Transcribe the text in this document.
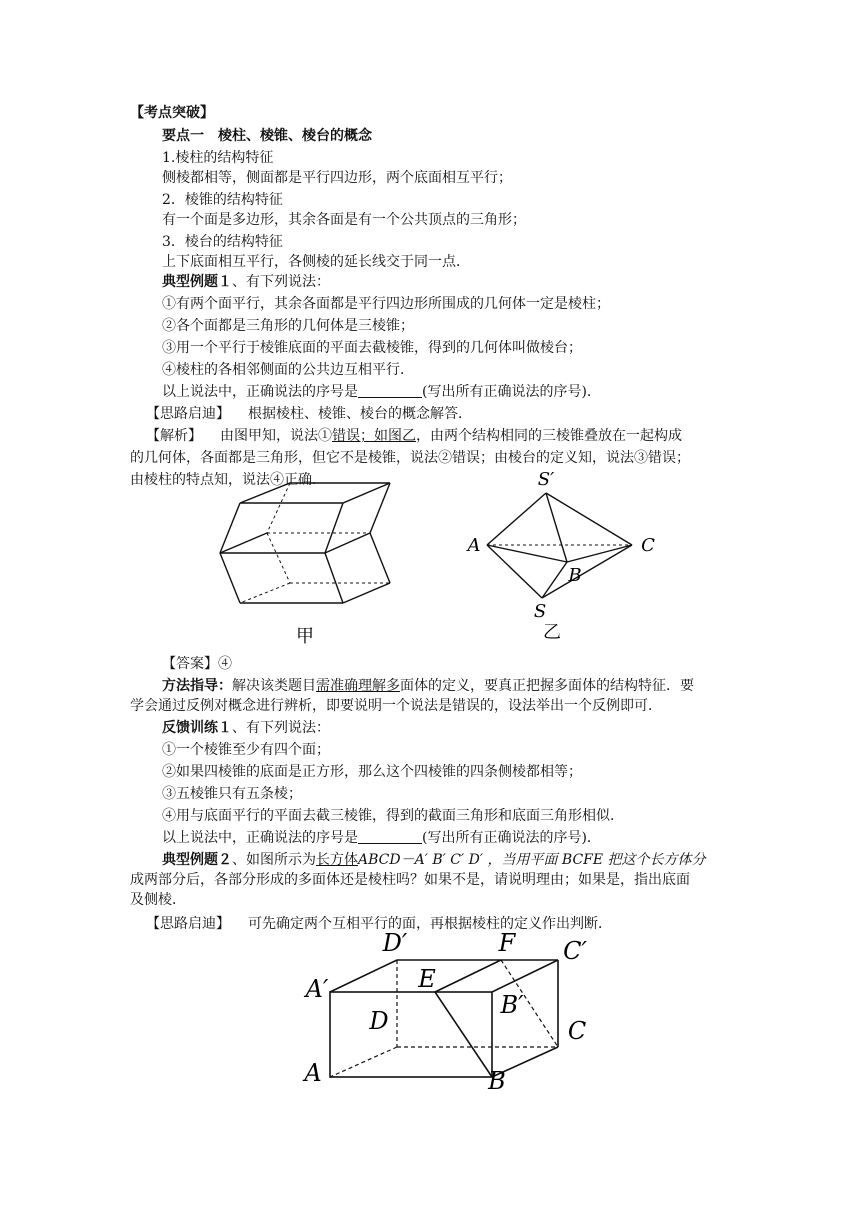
【考点突破】
要点一　棱柱、棱锥、棱台的概念
1.棱柱的结构特征
侧棱都相等，侧面都是平行四边形，两个底面相互平行；
2．棱锥的结构特征
有一个面是多边形，其余各面是有一个公共顶点的三角形；
3．棱台的结构特征
上下底面相互平行，各侧棱的延长线交于同一点．
典型例题１、有下列说法：
①有两个面平行，其余各面都是平行四边形所围成的几何体一定是棱柱；
②各个面都是三角形的几何体是三棱锥；
③用一个平行于棱锥底面的平面去截棱锥，得到的几何体叫做棱台；
④棱柱的各相邻侧面的公共边互相平行．
以上说法中，正确说法的序号是	(写出所有正确说法的序号)．
【思路启迪】 根据棱柱、棱锥、棱台的概念解答．
【解析】 由图甲知，说法①错误；如图乙，由两个结构相同的三棱锥叠放在一起构成
的几何体，各面都是三角形，但它不是棱锥，说法②错误；由棱台的定义知，说法③错误；
由棱柱的特点知，说法④正确．
甲
S′
A	C
B
S
乙
【答案】④
方法指导：解决该类题目需准确理解多面体的定义，要真正把握多面体的结构特征．要
学会通过反例对概念进行辨析，即要说明一个说法是错误的，设法举出一个反例即可．
反馈训练１、有下列说法：
①一个棱锥至少有四个面；
②如果四棱锥的底面是正方形，那么这个四棱锥的四条侧棱都相等；
③五棱锥只有五条棱；
④用与底面平行的平面去截三棱锥，得到的截面三角形和底面三角形相似．
以上说法中，正确说法的序号是	(写出所有正确说法的序号)．
典型例题２、如图所示为长方体ABCD－A′ B′ C′ D′ ，当用平面 BCFE 把这个长方体分
成两部分后，各部分形成的多面体还是棱柱吗？如果不是，请说明理由；如果是，指出底面
及侧棱．
【思路启迪】 可先确定两个互相平行的面，再根据棱柱的定义作出判断．
D′	F C′
A′	E
B′
D	C
A	B
